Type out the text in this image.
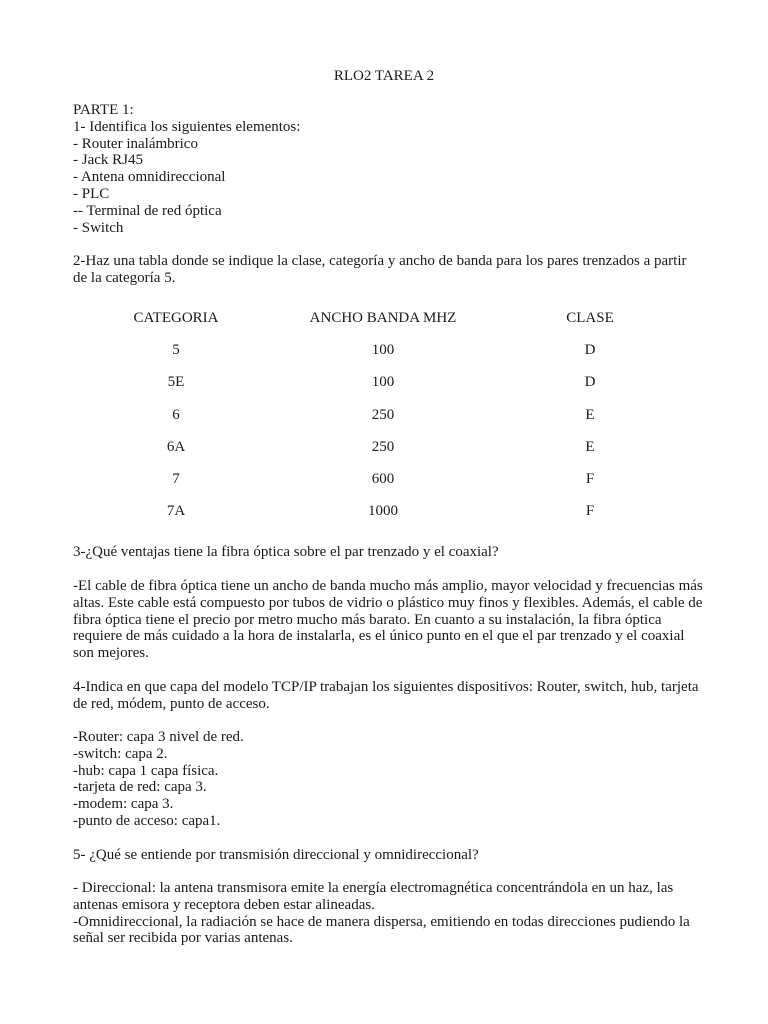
RLO2 TAREA 2
PARTE 1:
1- Identifica los siguientes elementos:
- Router inalámbrico
- Jack RJ45
- Antena omnidireccional
- PLC
-- Terminal de red óptica
- Switch
2-Haz una tabla donde se indique la clase, categoría y ancho de banda para los pares trenzados a partir de la categoría 5.
CATEGORIA	ANCHO BANDA MHZ	CLASE
5	100	D
5E	100	D
6	250	E
6A	250	E
7	600	F
7A	1000	F
3-¿Qué ventajas tiene la fibra óptica sobre el par trenzado y el coaxial?
-El cable de fibra óptica tiene un ancho de banda mucho más amplio, mayor velocidad y frecuencias más altas. Este cable está compuesto por tubos de vidrio o plástico muy finos y flexibles. Además, el cable de fibra óptica tiene el precio por metro mucho más barato. En cuanto a su instalación, la fibra óptica requiere de más cuidado a la hora de instalarla, es el único punto en el que el par trenzado y el coaxial son mejores.
4-Indica en que capa del modelo TCP/IP trabajan los siguientes dispositivos: Router, switch, hub, tarjeta de red, módem, punto de acceso.
-Router: capa 3 nivel de red.
-switch: capa 2.
-hub: capa 1 capa física.
-tarjeta de red: capa 3.
-modem: capa 3.
-punto de acceso: capa1.
5- ¿Qué se entiende por transmisión direccional y omnidireccional?
- Direccional: la antena transmisora emite la energía electromagnética concentrándola en un haz, las antenas emisora y receptora deben estar alineadas.
-Omnidireccional, la radiación se hace de manera dispersa, emitiendo en todas direcciones pudiendo la señal ser recibida por varias antenas.
